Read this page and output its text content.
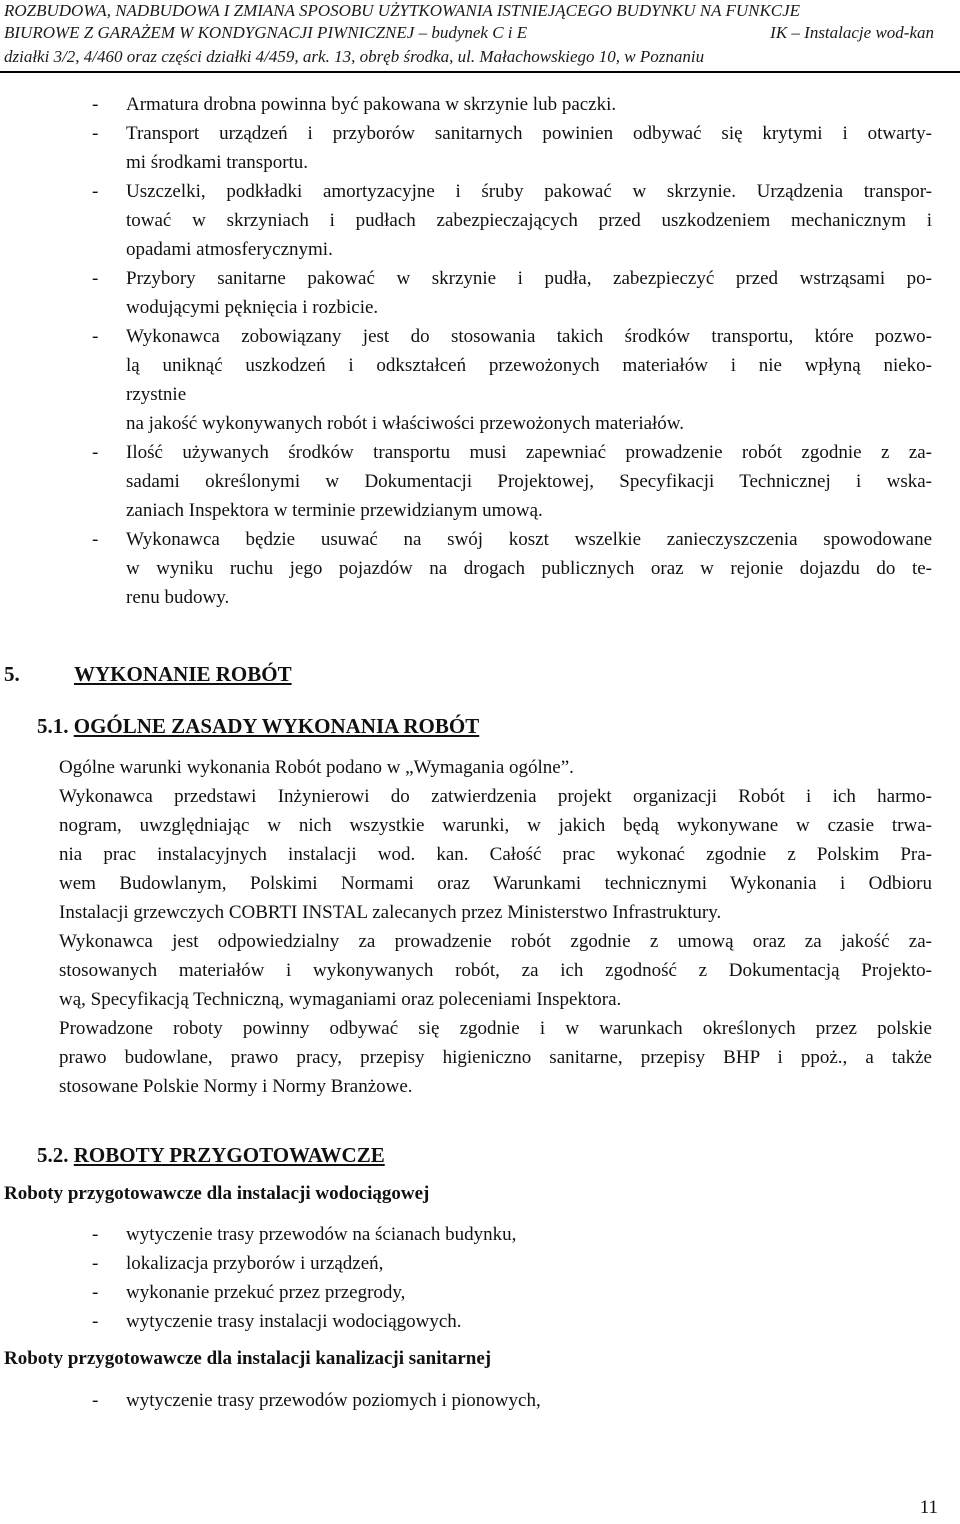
ROZBUDOWA, NADBUDOWA I ZMIANA SPOSOBU UŻYTKOWANIA ISTNIEJĄCEGO BUDYNKU NA FUNKCJE
BIUROWE Z GARAŻEM W KONDYGNACJI PIWNICZNEJ – budynek C i E	IK – Instalacje wod-kan
działki 3/2, 4/460 oraz części działki 4/459, ark. 13, obręb środka, ul. Małachowskiego 10, w Poznaniu
- Armatura drobna powinna być pakowana w skrzynie lub paczki.
- Transport urządzeń i przyborów sanitarnych powinien odbywać się krytymi i otwarty-
mi środkami transportu.
- Uszczelki, podkładki amortyzacyjne i śruby pakować w skrzynie. Urządzenia transpor-
tować w skrzyniach i pudłach zabezpieczających przed uszkodzeniem mechanicznym i
opadami atmosferycznymi.
- Przybory sanitarne pakować w skrzynie i pudła, zabezpieczyć przed wstrząsami po-
wodującymi pęknięcia i rozbicie.
- Wykonawca zobowiązany jest do stosowania takich środków transportu, które pozwo-
lą uniknąć uszkodzeń i odkształceń przewożonych materiałów i nie wpłyną nieko-
rzystnie
na jakość wykonywanych robót i właściwości przewożonych materiałów.
- Ilość używanych środków transportu musi zapewniać prowadzenie robót zgodnie z za-
sadami określonymi w Dokumentacji Projektowej, Specyfikacji Technicznej i wska-
zaniach Inspektora w terminie przewidzianym umową.
- Wykonawca będzie usuwać na swój koszt wszelkie zanieczyszczenia spowodowane
w wyniku ruchu jego pojazdów na drogach publicznych oraz w rejonie dojazdu do te-
renu budowy.
5.	WYKONANIE ROBÓT
5.1. OGÓLNE ZASADY WYKONANIA ROBÓT
Ogólne warunki wykonania Robót podano w „Wymagania ogólne”.
Wykonawca przedstawi Inżynierowi do zatwierdzenia projekt organizacji Robót i ich harmo-
nogram, uwzględniając w nich wszystkie warunki, w jakich będą wykonywane w czasie trwa-
nia prac instalacyjnych instalacji wod. kan. Całość prac wykonać zgodnie z Polskim Pra-
wem Budowlanym, Polskimi Normami oraz Warunkami technicznymi Wykonania i Odbioru
Instalacji grzewczych COBRTI INSTAL zalecanych przez Ministerstwo Infrastruktury.
Wykonawca jest odpowiedzialny za prowadzenie robót zgodnie z umową oraz za jakość za-
stosowanych materiałów i wykonywanych robót, za ich zgodność z Dokumentacją Projekto-
wą, Specyfikacją Techniczną, wymaganiami oraz poleceniami Inspektora.
Prowadzone roboty powinny odbywać się zgodnie i w warunkach określonych przez polskie
prawo budowlane, prawo pracy, przepisy higieniczno sanitarne, przepisy BHP i ppoż., a także
stosowane Polskie Normy i Normy Branżowe.
5.2. ROBOTY PRZYGOTOWAWCZE
Roboty przygotowawcze dla instalacji wodociągowej
- wytyczenie trasy przewodów na ścianach budynku,
- lokalizacja przyborów i urządzeń,
- wykonanie przekuć przez przegrody,
- wytyczenie trasy instalacji wodociągowych.
Roboty przygotowawcze dla instalacji kanalizacji sanitarnej
- wytyczenie trasy przewodów poziomych i pionowych,
11
